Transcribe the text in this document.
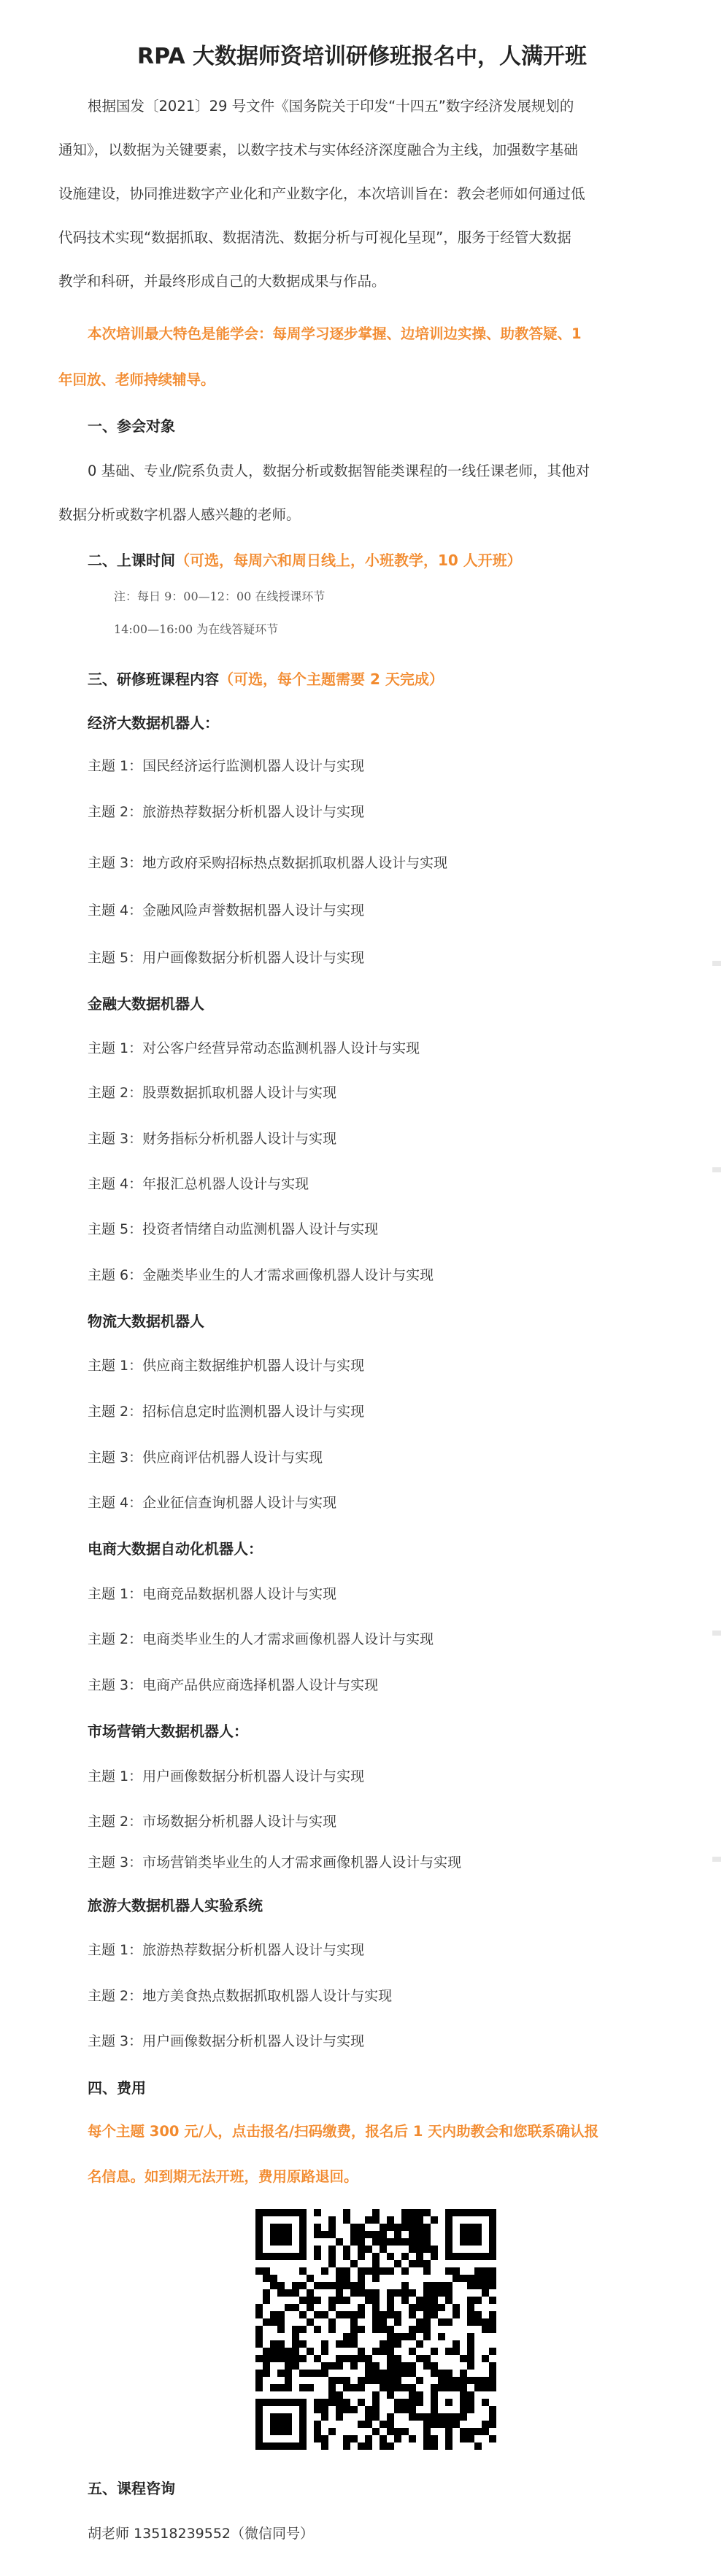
RPA 大数据师资培训研修班报名中，人满开班
根据国发〔2021〕29 号文件《国务院关于印发“十四五”数字经济发展规划的
通知》，以数据为关键要素，以数字技术与实体经济深度融合为主线，加强数字基础
设施建设，协同推进数字产业化和产业数字化，本次培训旨在：教会老师如何通过低
代码技术实现“数据抓取、数据清洗、数据分析与可视化呈现”，服务于经管大数据
教学和科研，并最终形成自己的大数据成果与作品。
本次培训最大特色是能学会：每周学习逐步掌握、边培训边实操、助教答疑、1
年回放、老师持续辅导。
一、参会对象
0 基础、专业/院系负责人，数据分析或数据智能类课程的一线任课老师，其他对
数据分析或数字机器人感兴趣的老师。
二、上课时间（可选，每周六和周日线上，小班教学，10 人开班）
注：每日 9：00—12：00 在线授课环节
14:00—16:00 为在线答疑环节
三、研修班课程内容（可选，每个主题需要 2 天完成）
经济大数据机器人：
主题 1：国民经济运行监测机器人设计与实现
主题 2：旅游热荐数据分析机器人设计与实现
主题 3：地方政府采购招标热点数据抓取机器人设计与实现
主题 4：金融风险声誉数据机器人设计与实现
主题 5：用户画像数据分析机器人设计与实现
金融大数据机器人
主题 1：对公客户经营异常动态监测机器人设计与实现
主题 2：股票数据抓取机器人设计与实现
主题 3：财务指标分析机器人设计与实现
主题 4：年报汇总机器人设计与实现
主题 5：投资者情绪自动监测机器人设计与实现
主题 6：金融类毕业生的人才需求画像机器人设计与实现
物流大数据机器人
主题 1：供应商主数据维护机器人设计与实现
主题 2：招标信息定时监测机器人设计与实现
主题 3：供应商评估机器人设计与实现
主题 4：企业征信查询机器人设计与实现
电商大数据自动化机器人：
主题 1：电商竞品数据机器人设计与实现
主题 2：电商类毕业生的人才需求画像机器人设计与实现
主题 3：电商产品供应商选择机器人设计与实现
市场营销大数据机器人：
主题 1：用户画像数据分析机器人设计与实现
主题 2：市场数据分析机器人设计与实现
主题 3：市场营销类毕业生的人才需求画像机器人设计与实现
旅游大数据机器人实验系统
主题 1：旅游热荐数据分析机器人设计与实现
主题 2：地方美食热点数据抓取机器人设计与实现
主题 3：用户画像数据分析机器人设计与实现
四、费用
每个主题 300 元/人，点击报名/扫码缴费，报名后 1 天内助教会和您联系确认报
名信息。如到期无法开班，费用原路退回。
五、课程咨询
胡老师 13518239552（微信同号）
